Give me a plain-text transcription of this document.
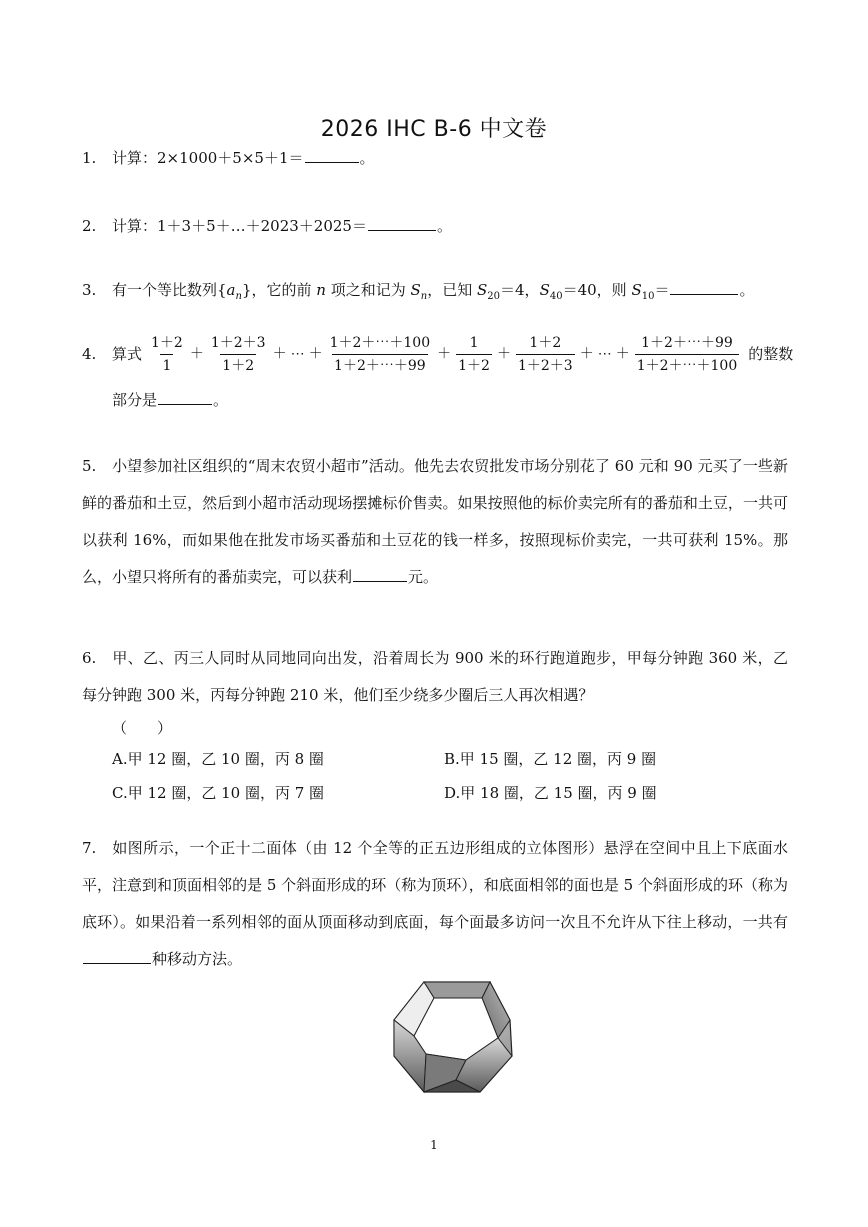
2026 IHC B-6 中文卷
1. 计算：2×1000＋5×5＋1＝	。
2. 计算：1＋3＋5＋…＋2023＋2025＝	。
3. 有一个等比数列$\{a_n\}$，它的前 n 项之和记为 $S_n$，已知 $S_{20}=4$，$S_{40}=40$，则 $S_{10}=$	。
4. 算式 $\frac{1+2}{1} + \frac{1+2+3}{1+2}$ ＋ ⋯ ＋ $\frac{1+2+\cdots+100}{1+2+\cdots+99} + \frac{1}{1+2} + \frac{1+2}{1+2+3}$ ＋ ⋯ ＋ $\frac{1+2+\cdots+99}{1+2+\cdots+100}$ 的整数
部分是	。
5. 小望参加社区组织的“周末农贸小超市”活动。他先去农贸批发市场分别花了 60 元和 90 元买了一些新鲜的番茄和土豆，然后到小超市活动现场摆摊标价售卖。如果按照他的标价卖完所有的番茄和土豆，一共可以获利 16%，而如果他在批发市场买番茄和土豆花的钱一样多，按照现标价卖完，一共可获利 15%。那么，小望只将所有的番茄卖完，可以获利	元。
6. 甲、乙、丙三人同时从同地同向出发，沿着周长为 900 米的环行跑道跑步，甲每分钟跑 360 米，乙每分钟跑 300 米，丙每分钟跑 210 米，他们至少绕多少圈后三人再次相遇？
（　　）
A.甲 12 圈，乙 10 圈，丙 8 圈	B.甲 15 圈，乙 12 圈，丙 9 圈
C.甲 12 圈，乙 10 圈，丙 7 圈	D.甲 18 圈，乙 15 圈，丙 9 圈
7. 如图所示，一个正十二面体（由 12 个全等的正五边形组成的立体图形）悬浮在空间中且上下底面水平，注意到和顶面相邻的是 5 个斜面形成的环（称为顶环），和底面相邻的面也是 5 个斜面形成的环（称为底环）。如果沿着一系列相邻的面从顶面移动到底面，每个面最多访问一次且不允许从下往上移动，一共有种移动方法。
1
